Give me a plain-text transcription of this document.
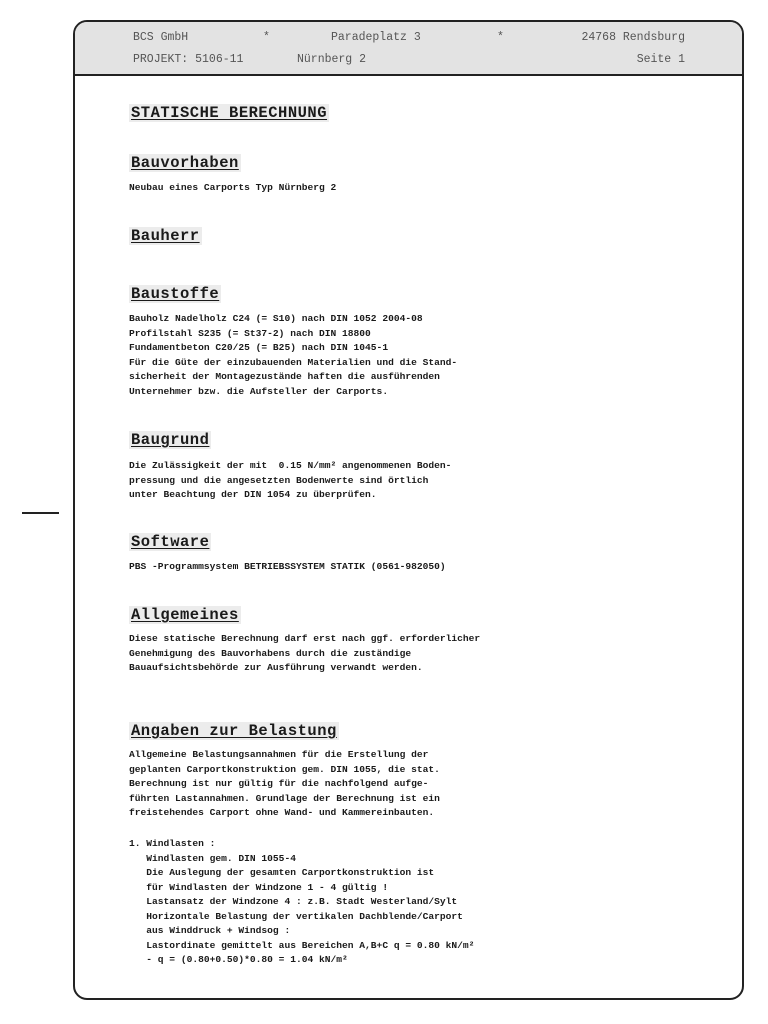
BCS GmbH	*	Paradeplatz 3	*	24768 Rendsburg
PROJEKT: 5106-11	Nürnberg 2	Seite 1
STATISCHE BERECHNUNG
Bauvorhaben

Neubau eines Carports Typ Nürnberg 2

Bauherr

Baustoffe

Bauholz Nadelholz C24 (= S10) nach DIN 1052 2004-08
Profilstahl S235 (= St37-2) nach DIN 18800
Fundamentbeton C20/25 (= B25) nach DIN 1045-1
Für die Güte der einzubauenden Materialien und die Stand-
sicherheit der Montagezustände haften die ausführenden
Unternehmer bzw. die Aufsteller der Carports.

Baugrund

Die Zulässigkeit der mit  0.15 N/mm² angenommenen Boden-
pressung und die angesetzten Bodenwerte sind örtlich
unter Beachtung der DIN 1054 zu überprüfen.

Software

PBS -Programmsystem BETRIEBSSYSTEM STATIK (0561-982050)

Allgemeines

Diese statische Berechnung darf erst nach ggf. erforderlicher
Genehmigung des Bauvorhabens durch die zuständige
Bauaufsichtsbehörde zur Ausführung verwandt werden.

Angaben zur Belastung

Allgemeine Belastungsannahmen für die Erstellung der
geplanten Carportkonstruktion gem. DIN 1055, die stat.
Berechnung ist nur gültig für die nachfolgend aufge-
führten Lastannahmen. Grundlage der Berechnung ist ein
freistehendes Carport ohne Wand- und Kammereinbauten.

1. Windlasten :
Windlasten gem. DIN 1055-4
Die Auslegung der gesamten Carportkonstruktion ist
für Windlasten der Windzone 1 - 4 gültig !
Lastansatz der Windzone 4 : z.B. Stadt Westerland/Sylt
Horizontale Belastung der vertikalen Dachblende/Carport
aus Winddruck + Windsog :
Lastordinate gemittelt aus Bereichen A,B+C q = 0.80 kN/m²
- q = (0.80+0.50)*0.80 = 1.04 kN/m²
